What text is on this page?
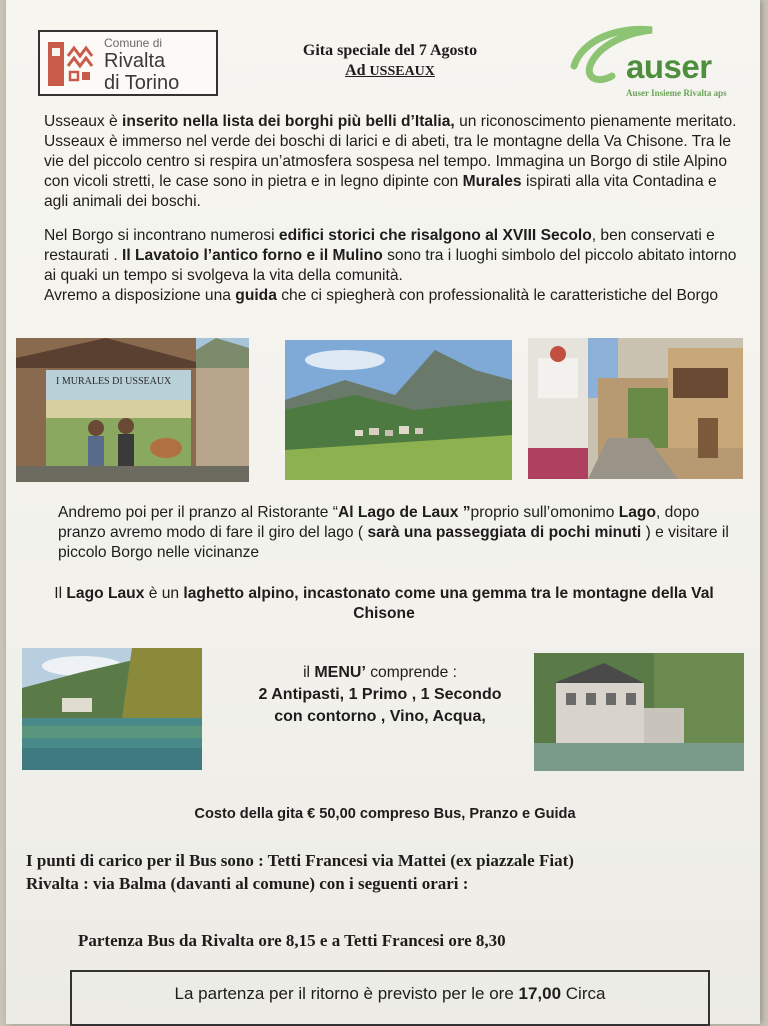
Comune di
Rivalta
di Torino
Gita speciale del 7 Agosto
Ad USSEAUX	auser
Auser Insieme Rivalta aps
Usseaux è inserito nella lista dei borghi più belli d’Italia, un riconoscimento pienamente meritato. Usseaux è immerso nel verde dei boschi di larici e di abeti, tra le montagne della Va Chisone. Tra le vie del piccolo centro si respira un’atmosfera sospesa nel tempo. Immagina un Borgo di stile Alpino con vicoli stretti, le case sono in pietra e in legno dipinte con Murales ispirati alla vita Contadina e agli animali dei boschi.
Nel Borgo si incontrano numerosi edifici storici che risalgono al XVIII Secolo, ben conservati e restaurati . Il Lavatoio l’antico forno e il Mulino sono tra i luoghi simbolo del piccolo abitato intorno ai quaki un tempo si svolgeva la vita della comunità.
Avremo a disposizione una guida che ci spiegherà con professionalità le caratteristiche del Borgo
I MURALES DI USSEAUX
Andremo poi per il pranzo al Ristorante “Al Lago de Laux ”proprio sull’omonimo Lago, dopo pranzo avremo modo di fare il giro del lago ( sarà una passeggiata di pochi minuti ) e visitare il piccolo Borgo nelle vicinanze
Il Lago Laux è un laghetto alpino, incastonato come una gemma tra le montagne della Val Chisone
il MENU’ comprende :
2 Antipasti, 1 Primo , 1 Secondo
con contorno , Vino, Acqua,
Costo della gita € 50,00 compreso Bus, Pranzo e Guida
I punti di carico per il Bus sono : Tetti Francesi via Mattei (ex piazzale Fiat)
Rivalta : via Balma (davanti al comune) con i seguenti orari :
Partenza Bus da Rivalta ore 8,15 e a Tetti Francesi ore 8,30
La partenza per il ritorno è previsto per le ore 17,00 Circa
